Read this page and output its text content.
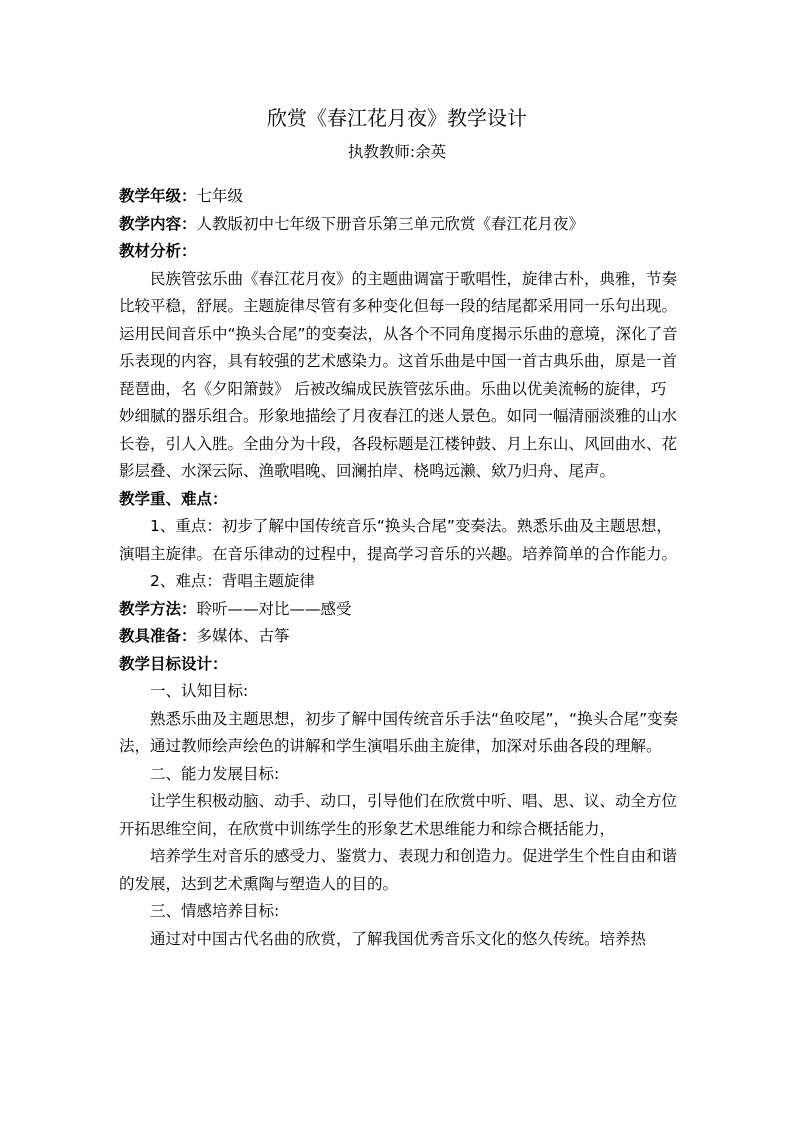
欣赏《春江花月夜》教学设计
执教教师:余英

教学年级：七年级

教学内容：人教版初中七年级下册音乐第三单元欣赏《春江花月夜》

教材分析：

民族管弦乐曲《春江花月夜》的主题曲调富于歌唱性，旋律古朴，典雅，节奏比较平稳，舒展。主题旋律尽管有多种变化但每一段的结尾都采用同一乐句出现。运用民间音乐中“换头合尾”的变奏法，从各个不同角度揭示乐曲的意境，深化了音乐表现的内容，具有较强的艺术感染力。这首乐曲是中国一首古典乐曲，原是一首琵琶曲，名《夕阳箫鼓》 后被改编成民族管弦乐曲。乐曲以优美流畅的旋律，巧妙细腻的器乐组合。形象地描绘了月夜春江的迷人景色。如同一幅清丽淡雅的山水长卷，引人入胜。全曲分为十段，各段标题是江楼钟鼓、月上东山、风回曲水、花影层叠、水深云际、渔歌唱晚、回澜拍岸、桡鸣远濑、欸乃归舟、尾声。

教学重、难点：

1、重点：初步了解中国传统音乐“换头合尾”变奏法。熟悉乐曲及主题思想，演唱主旋律。在音乐律动的过程中，提高学习音乐的兴趣。培养简单的合作能力。

2、难点：背唱主题旋律

教学方法：聆听——对比——感受

教具准备：多媒体、古筝

教学目标设计：

一、认知目标:

熟悉乐曲及主题思想，初步了解中国传统音乐手法“鱼咬尾”，“换头合尾”变奏法，通过教师绘声绘色的讲解和学生演唱乐曲主旋律，加深对乐曲各段的理解。

二、能力发展目标:

让学生积极动脑、动手、动口，引导他们在欣赏中听、唱、思、议、动全方位开拓思维空间，在欣赏中训练学生的形象艺术思维能力和综合概括能力，

培养学生对音乐的感受力、鉴赏力、表现力和创造力。促进学生个性自由和谐的发展，达到艺术熏陶与塑造人的目的。

三、情感培养目标:

通过对中国古代名曲的欣赏，了解我国优秀音乐文化的悠久传统。培养热
